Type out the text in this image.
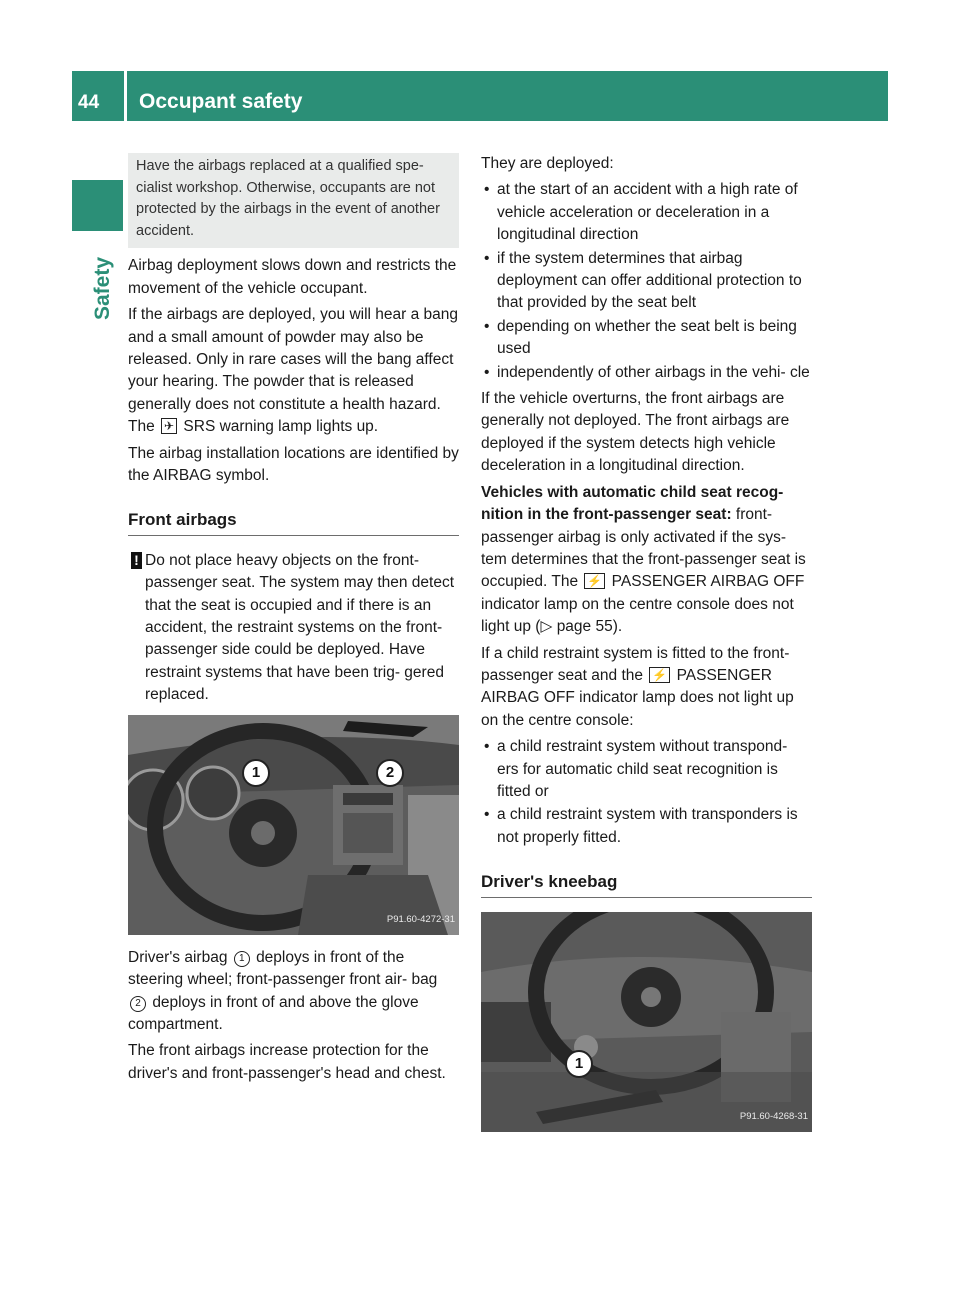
44 Occupant safety
Safety
Have the airbags replaced at a qualified spe- cialist workshop. Otherwise, occupants are not protected by the airbags in the event of another accident.

Airbag deployment slows down and restricts the movement of the vehicle occupant.

If the airbags are deployed, you will hear a bang and a small amount of powder may also be released. Only in rare cases will the bang affect your hearing. The powder that is released generally does not constitute a health hazard. The ✈ SRS warning lamp lights up.

The airbag installation locations are identified by the AIRBAG symbol.

Front airbags
! Do not place heavy objects on the front- passenger seat. The system may then detect that the seat is occupied and if there is an accident, the restraint systems on the front-passenger side could be deployed. Have restraint systems that have been trig- gered replaced.
1	2
P91.60-4272-31

Driver's airbag 1 deploys in front of the steering wheel; front-passenger front air- bag 2 deploys in front of and above the glove compartment.

The front airbags increase protection for the driver's and front-passenger's head and chest.

They are deployed:

• at the start of an accident with a high rate of vehicle acceleration or deceleration in a longitudinal direction
• if the system determines that airbag deployment can offer additional protection to that provided by the seat belt
• depending on whether the seat belt is being used
• independently of other airbags in the vehi- cle

If the vehicle overturns, the front airbags are generally not deployed. The front airbags are deployed if the system detects high vehicle deceleration in a longitudinal direction.

Vehicles with automatic child seat recog- nition in the front-passenger seat: front- passenger airbag is only activated if the sys- tem determines that the front-passenger seat is occupied. The ⚡ PASSENGER AIRBAG OFF indicator lamp on the centre console does not light up (▷ page 55).

If a child restraint system is fitted to the front- passenger seat and the ⚡ PASSENGER AIRBAG OFF indicator lamp does not light up on the centre console:

• a child restraint system without transpond- ers for automatic child seat recognition is fitted or
• a child restraint system with transponders is not properly fitted.
Driver's kneebag
1
P91.60-4268-31
